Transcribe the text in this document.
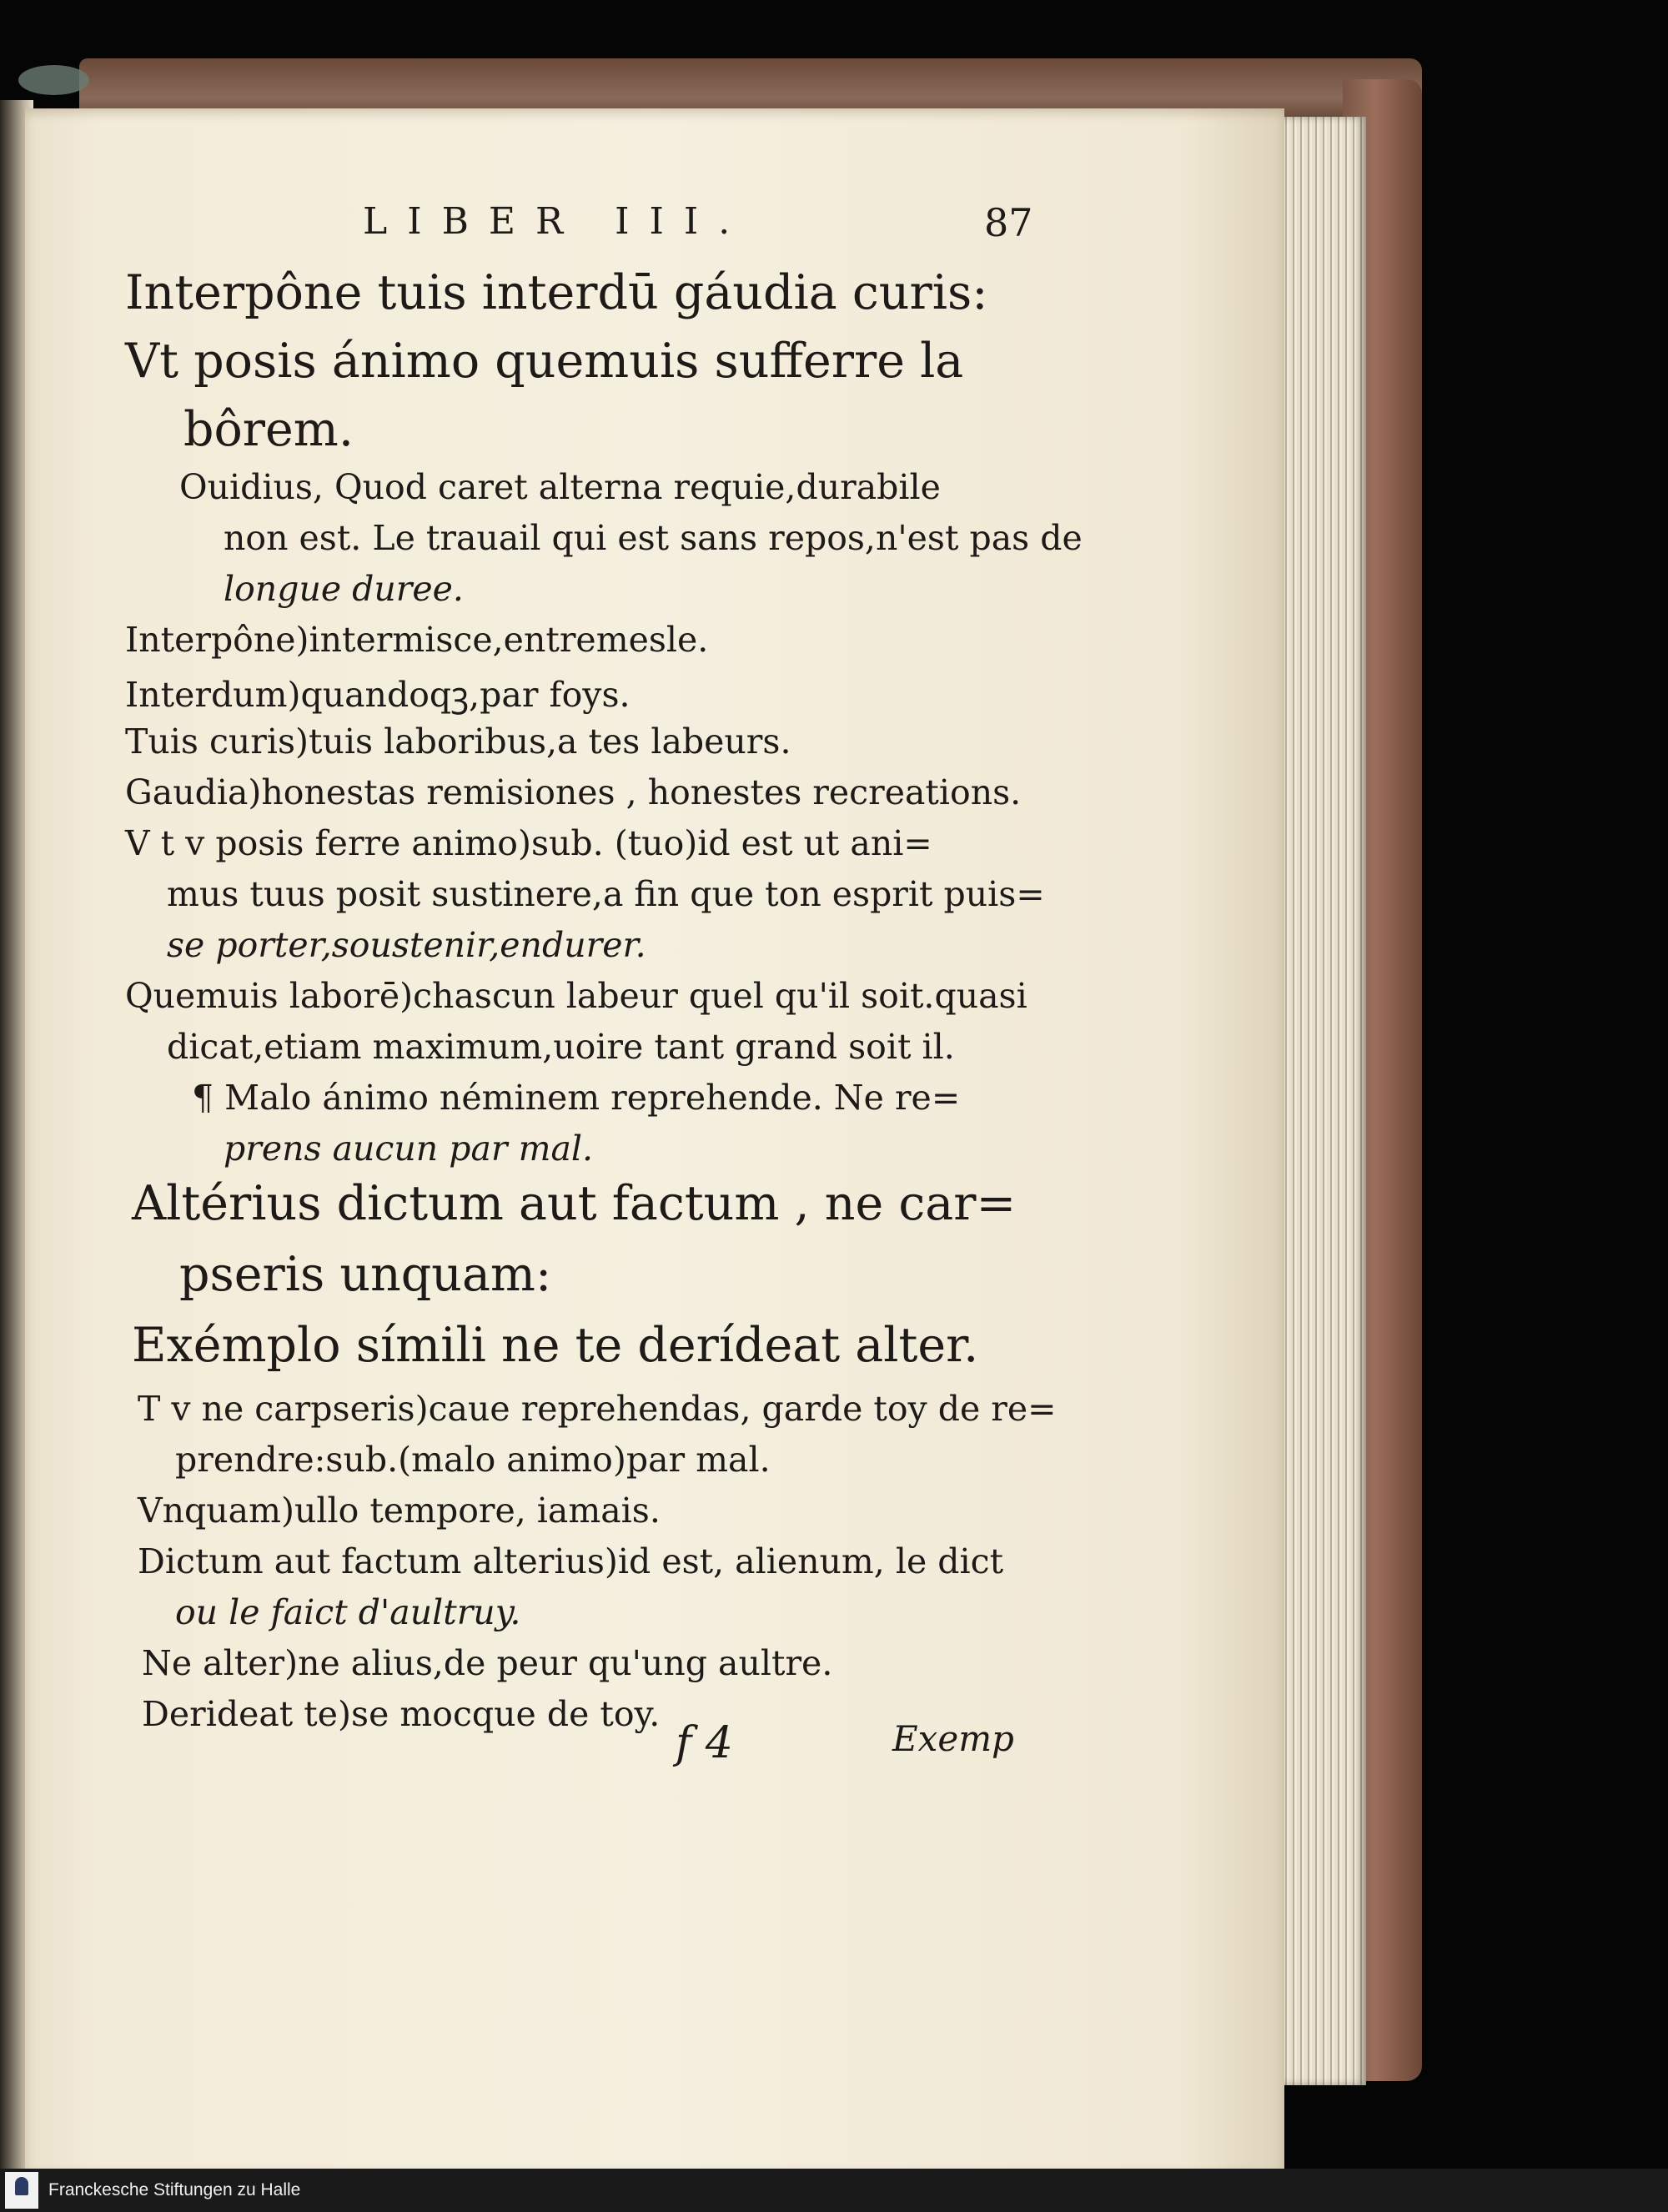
LIBER III.	87
Interpône tuis interdū gáudia curis:
Vt posis ánimo quemuis sufferre la
bôrem.
Ouidius, Quod caret alterna requie,durabile
non est. Le trauail qui est sans repos,n'est pas de
longue duree.
Interpône)intermisce,entremesle.
Interdum)quandoqꝫ,par foys.
Tuis curis)tuis laboribus,a tes labeurs.
Gaudia)honestas remisiones , honestes recreations.
V t v posis ferre animo)sub. (tuo)id est ut ani=
mus tuus posit sustinere,a fin que ton esprit puis=
se porter,soustenir,endurer.
Quemuis laborē)chascun labeur quel qu'il soit.quasi
dicat,etiam maximum,uoire tant grand soit il.
¶ Malo ánimo néminem reprehende. Ne re=
prens aucun par mal.
Altérius dictum aut factum , ne car=
pseris unquam:
Exémplo símili ne te derídeat alter.
T v ne carpseris)caue reprehendas, garde toy de re=
prendre:sub.(malo animo)par mal.
Vnquam)ullo tempore, iamais.
Dictum aut factum alterius)id est, alienum, le dict
ou le faict d'aultruy.
Ne alter)ne alius,de peur qu'ung aultre.
Derideat te)se mocque de toy.
f 4	Exemp
Franckesche Stiftungen zu Halle
